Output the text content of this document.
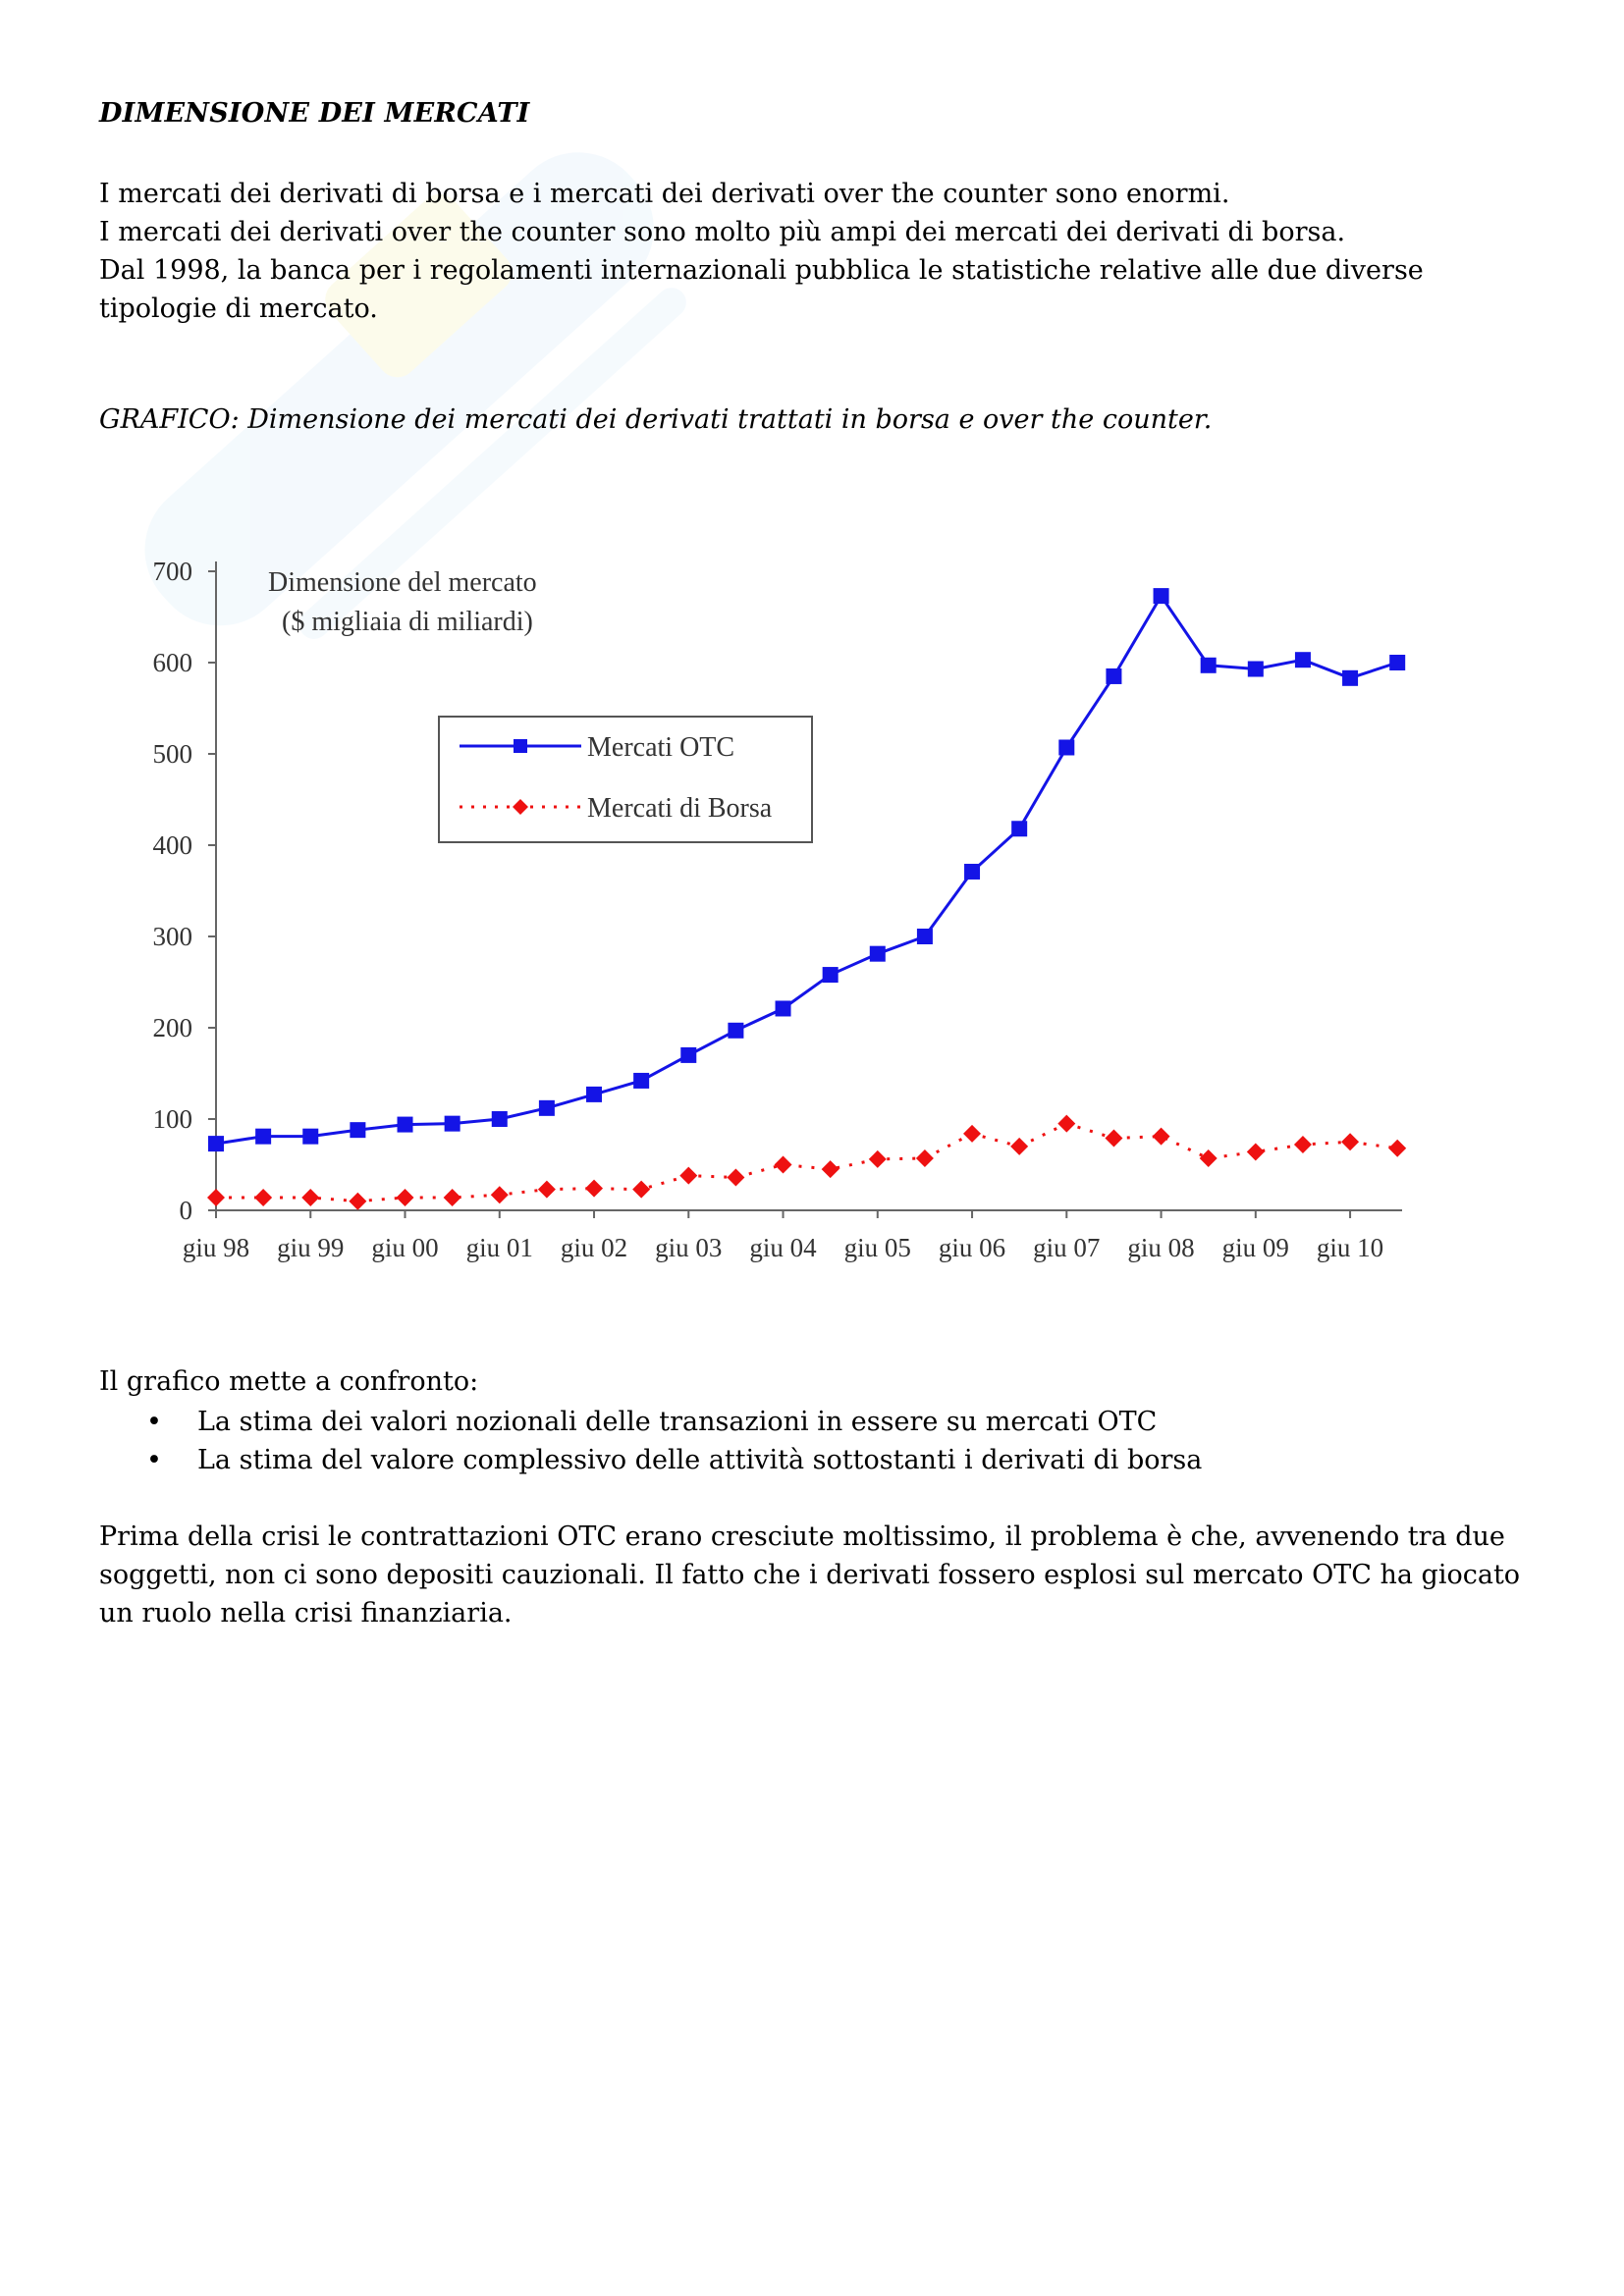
DIMENSIONE DEI MERCATI

I mercati dei derivati di borsa e i mercati dei derivati over the counter sono enormi.

I mercati dei derivati over the counter sono molto più ampi dei mercati dei derivati di borsa.

Dal 1998, la banca per i regolamenti internazionali pubblica le statistiche relative alle due diverse tipologie di mercato.

GRAFICO: Dimensione dei mercati dei derivati trattati in borsa e over the counter.
0
100
200
300
400
500
600
700
giu 98 giu 99 giu 00 giu 01 giu 02 giu 03 giu 04 giu 05 giu 06 giu 07 giu 08 giu 09 giu 10
Dimensione del mercato
($ migliaia di miliardi)
Mercati OTC
Mercati di Borsa

Il grafico mette a confronto:

• La stima dei valori nozionali delle transazioni in essere su mercati OTC
• La stima del valore complessivo delle attività sottostanti i derivati di borsa
Prima della crisi le contrattazioni OTC erano cresciute moltissimo, il problema è che, avvenendo tra due soggetti, non ci sono depositi cauzionali. Il fatto che i derivati fossero esplosi sul mercato OTC ha giocato un ruolo nella crisi finanziaria.
